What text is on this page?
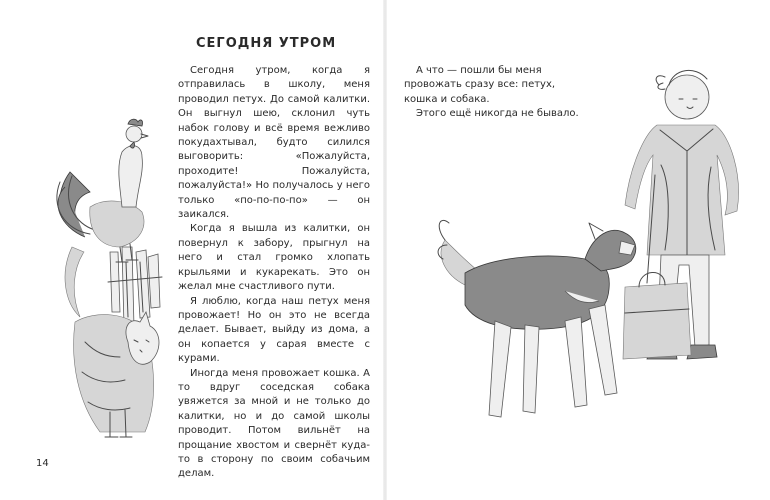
СЕГОДНЯ УТРОМ

Сегодня утром, когда я отправилась в школу, меня проводил петух. До самой калитки. Он выгнул шею, склонил чуть набок голову и всё время вежливо покудахтывал, будто силился выговорить: «Пожалуйста, проходите! Пожалуйста, пожалуйста!» Но получалось у него только «по-по-по-по» — он заикался.

Когда я вышла из калитки, он повернул к забору, прыгнул на него и стал громко хлопать крыльями и кукарекать. Это он желал мне счастливого пути.

Я люблю, когда наш петух меня провожает! Но он это не всегда делает. Бывает, выйду из дома, а он копается у сарая вместе с курами.

Иногда меня провожает кошка. А то вдруг соседская собака увяжется за мной и не только до калитки, но и до самой школы проводит. Потом вильнёт на прощание хвостом и свернёт куда-то в сторону по своим собачьим делам.

14

А что — пошли бы меня провожать сразу все: петух, кошка и собака.

Этого ещё никогда не бывало.
